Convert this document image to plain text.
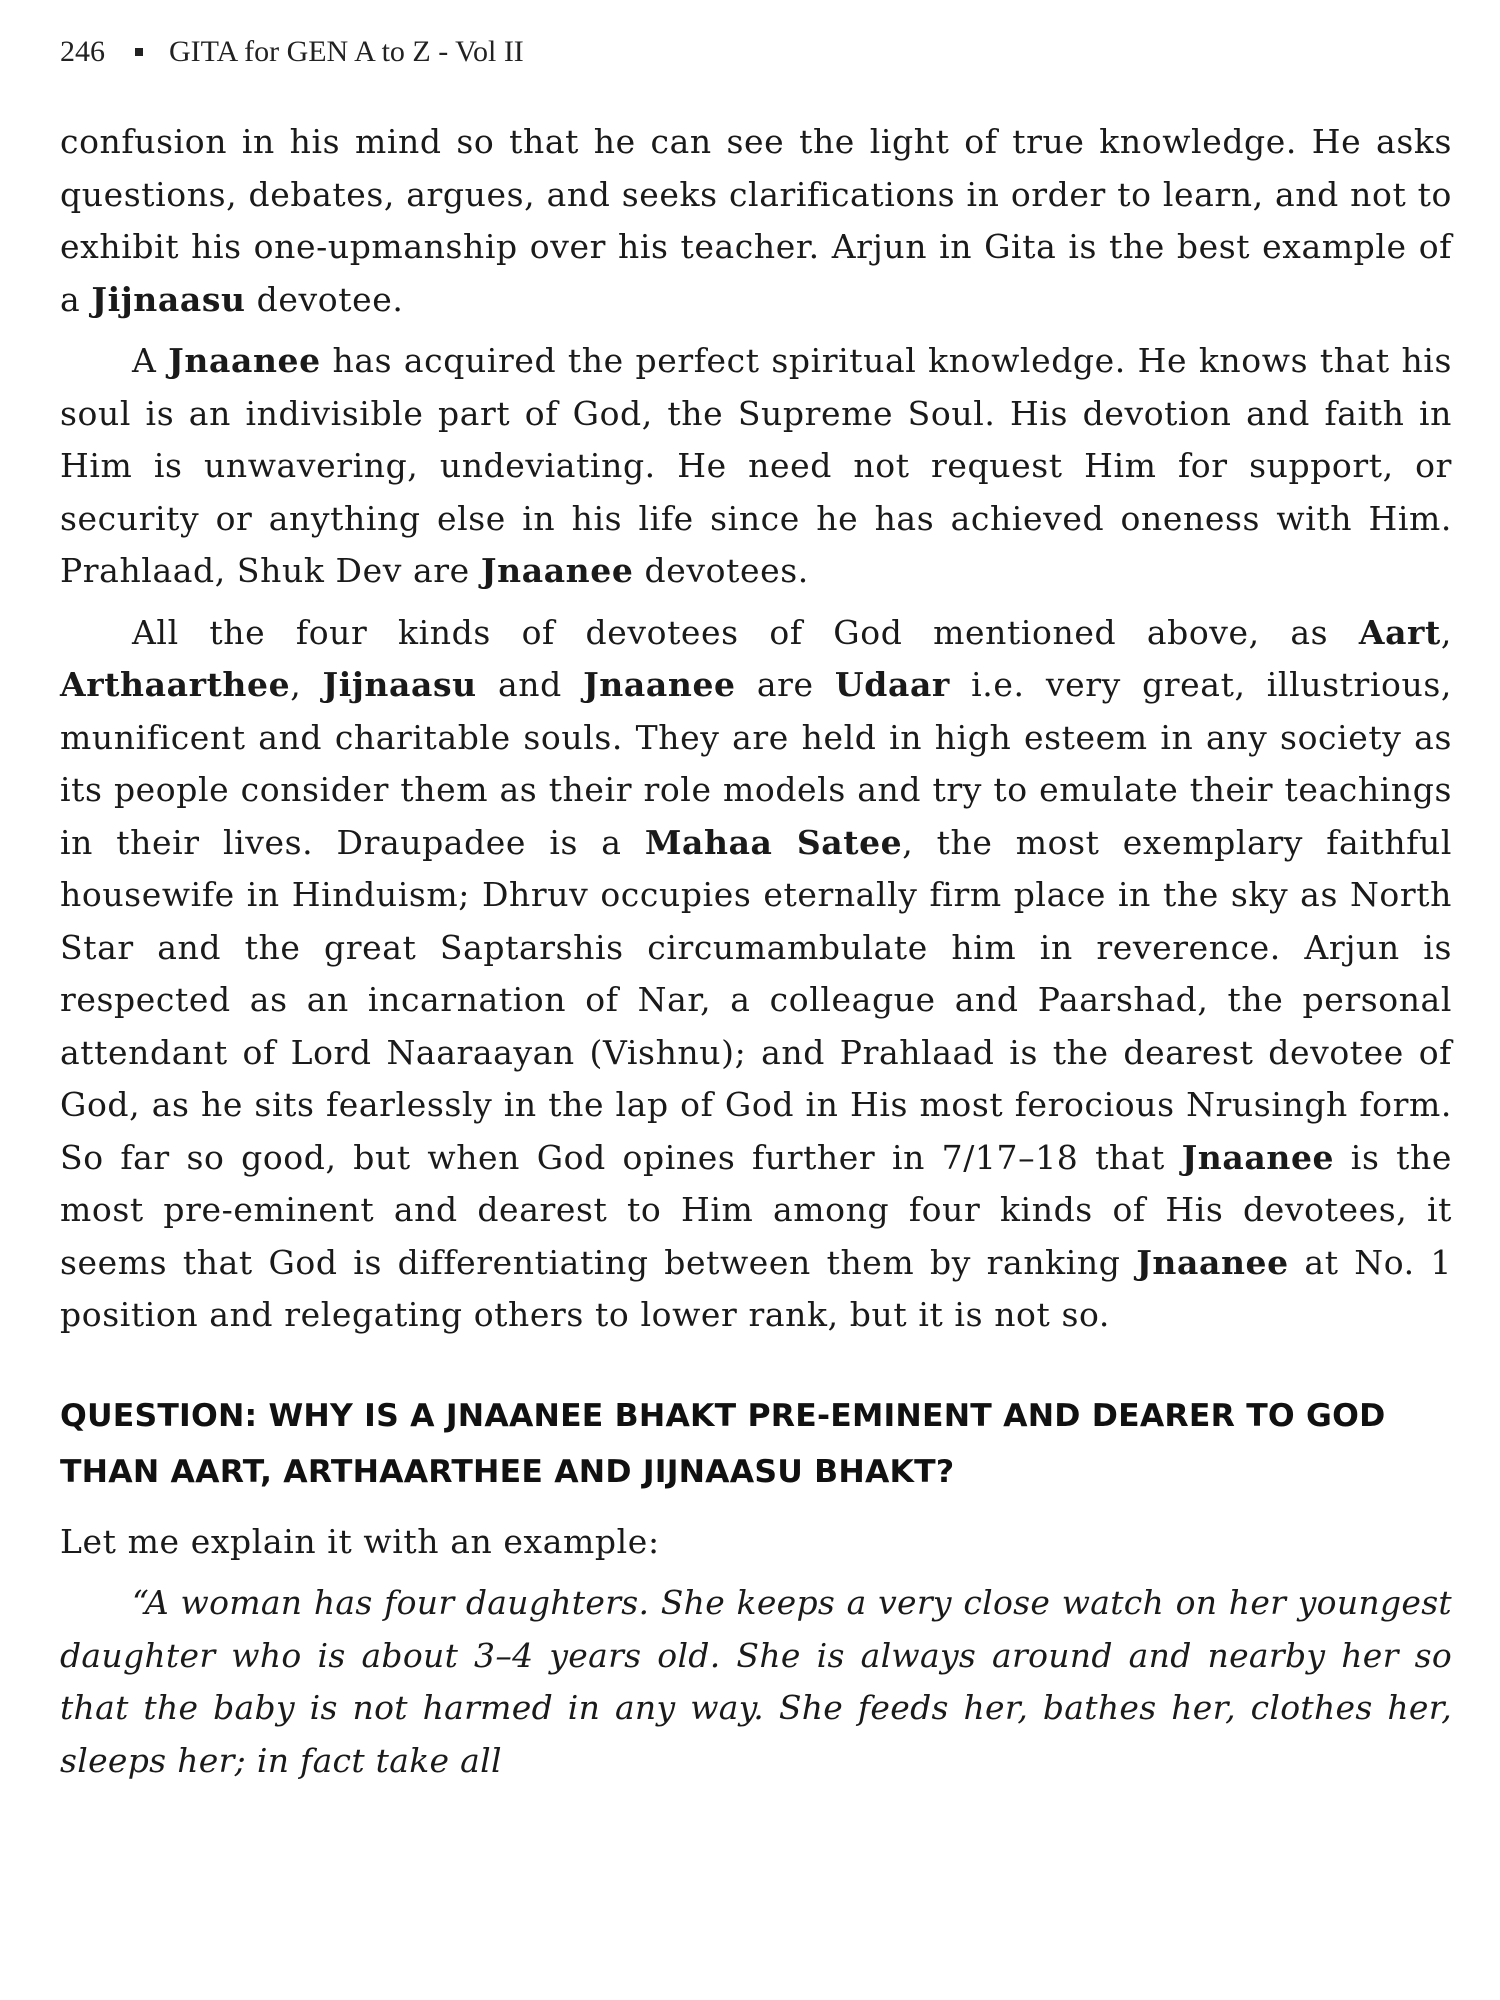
246 GITA for GEN A to Z - Vol II

confusion in his mind so that he can see the light of true knowledge. He asks questions, debates, argues, and seeks clarifications in order to learn, and not to exhibit his one-upmanship over his teacher. Arjun in Gita is the best example of a Jijnaasu devotee.

A Jnaanee has acquired the perfect spiritual knowledge. He knows that his soul is an indivisible part of God, the Supreme Soul. His devotion and faith in Him is unwavering, undeviating. He need not request Him for support, or security or anything else in his life since he has achieved oneness with Him. Prahlaad, Shuk Dev are Jnaanee devotees.

All the four kinds of devotees of God mentioned above, as Aart, Arthaarthee, Jijnaasu and Jnaanee are Udaar i.e. very great, illustrious, munificent and charitable souls. They are held in high esteem in any society as its people consider them as their role models and try to emulate their teachings in their lives. Draupadee is a Mahaa Satee, the most exemplary faithful housewife in Hinduism; Dhruv occupies eternally firm place in the sky as North Star and the great Saptarshis circumambulate him in reverence. Arjun is respected as an incarnation of Nar, a colleague and Paarshad, the personal attendant of Lord Naaraayan (Vishnu); and Prahlaad is the dearest devotee of God, as he sits fearlessly in the lap of God in His most ferocious Nrusingh form. So far so good, but when God opines further in 7/17–18 that Jnaanee is the most pre-eminent and dearest to Him among four kinds of His devotees, it seems that God is differentiating between them by ranking Jnaanee at No. 1 position and relegating others to lower rank, but it is not so.

QUESTION: WHY IS A JNAANEE BHAKT PRE-EMINENT AND DEARER TO GOD THAN AART, ARTHAARTHEE AND JIJNAASU BHAKT?

Let me explain it with an example:

“A woman has four daughters. She keeps a very close watch on her youngest daughter who is about 3–4 years old. She is always around and nearby her so that the baby is not harmed in any way. She feeds her, bathes her, clothes her, sleeps her; in fact take all
